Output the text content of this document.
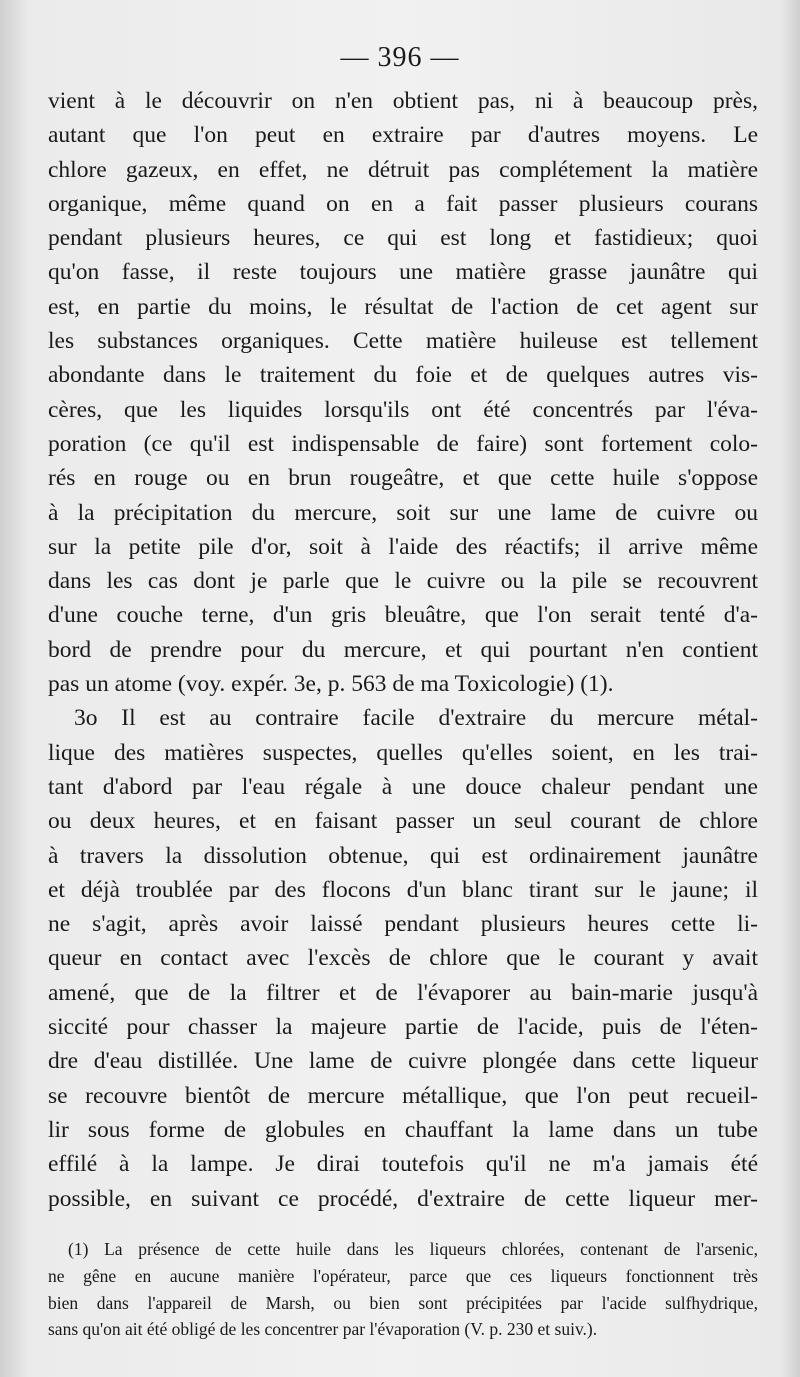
— 396 —
vient à le découvrir on n'en obtient pas, ni à beaucoup près,
autant que l'on peut en extraire par d'autres moyens. Le
chlore gazeux, en effet, ne détruit pas complétement la matière
organique, même quand on en a fait passer plusieurs courans
pendant plusieurs heures, ce qui est long et fastidieux; quoi
qu'on fasse, il reste toujours une matière grasse jaunâtre qui
est, en partie du moins, le résultat de l'action de cet agent sur
les substances organiques. Cette matière huileuse est tellement
abondante dans le traitement du foie et de quelques autres vis-
cères, que les liquides lorsqu'ils ont été concentrés par l'éva-
poration (ce qu'il est indispensable de faire) sont fortement colo-
rés en rouge ou en brun rougeâtre, et que cette huile s'oppose
à la précipitation du mercure, soit sur une lame de cuivre ou
sur la petite pile d'or, soit à l'aide des réactifs; il arrive même
dans les cas dont je parle que le cuivre ou la pile se recouvrent
d'une couche terne, d'un gris bleuâtre, que l'on serait tenté d'a-
bord de prendre pour du mercure, et qui pourtant n'en contient
pas un atome (voy. expér. 3e, p. 563 de ma Toxicologie) (1).
3o Il est au contraire facile d'extraire du mercure métal-
lique des matières suspectes, quelles qu'elles soient, en les trai-
tant d'abord par l'eau régale à une douce chaleur pendant une
ou deux heures, et en faisant passer un seul courant de chlore
à travers la dissolution obtenue, qui est ordinairement jaunâtre
et déjà troublée par des flocons d'un blanc tirant sur le jaune; il
ne s'agit, après avoir laissé pendant plusieurs heures cette li-
queur en contact avec l'excès de chlore que le courant y avait
amené, que de la filtrer et de l'évaporer au bain-marie jusqu'à
siccité pour chasser la majeure partie de l'acide, puis de l'éten-
dre d'eau distillée. Une lame de cuivre plongée dans cette liqueur
se recouvre bientôt de mercure métallique, que l'on peut recueil-
lir sous forme de globules en chauffant la lame dans un tube
effilé à la lampe. Je dirai toutefois qu'il ne m'a jamais été
possible, en suivant ce procédé, d'extraire de cette liqueur mer-
(1) La présence de cette huile dans les liqueurs chlorées, contenant de l'arsenic,
ne gêne en aucune manière l'opérateur, parce que ces liqueurs fonctionnent très
bien dans l'appareil de Marsh, ou bien sont précipitées par l'acide sulfhydrique,
sans qu'on ait été obligé de les concentrer par l'évaporation (V. p. 230 et suiv.).
